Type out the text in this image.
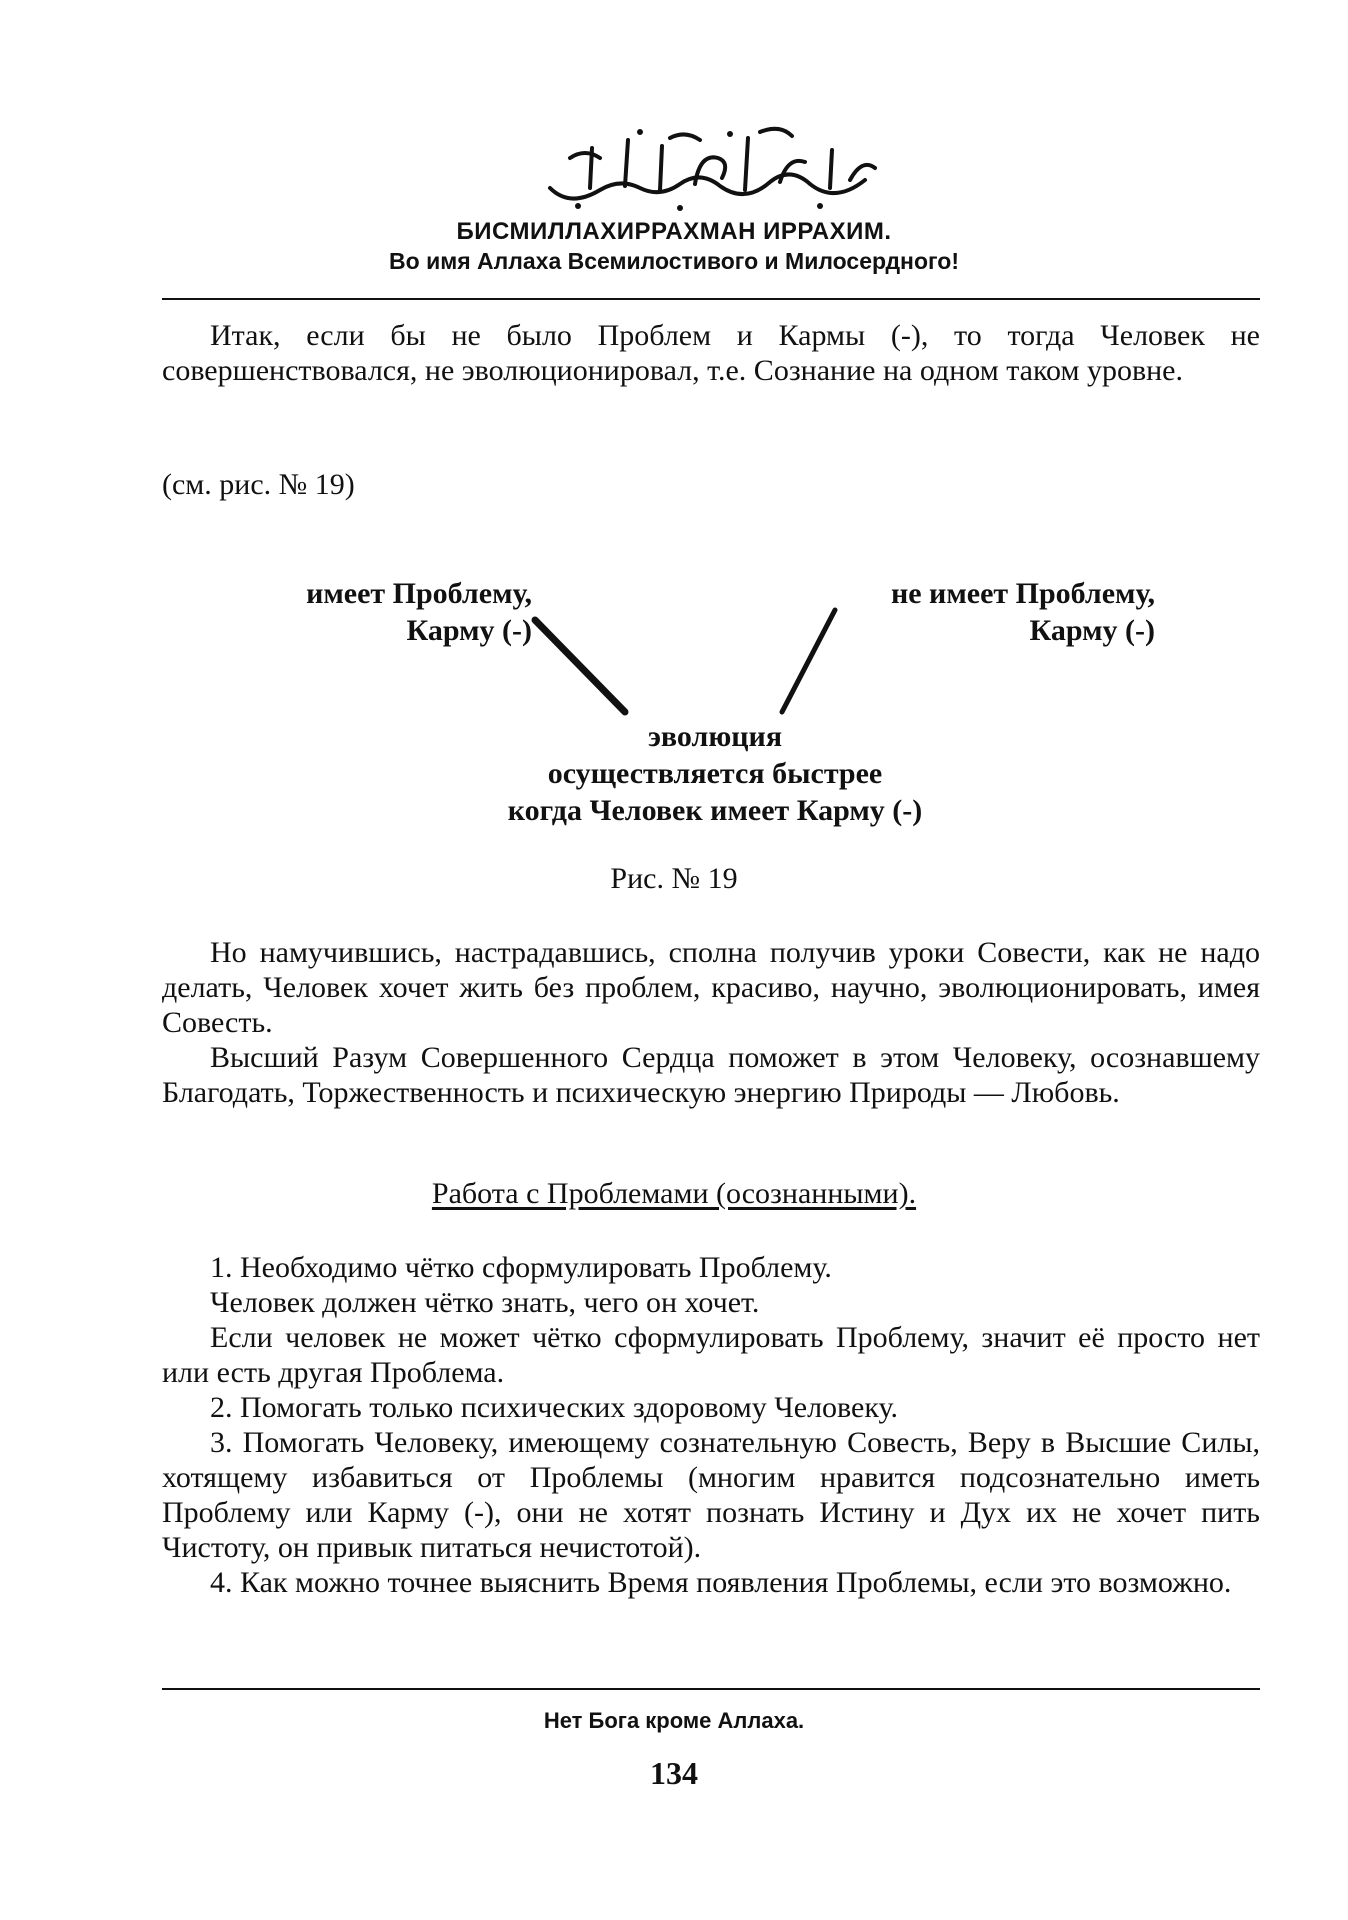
БИСМИЛЛАХИРРАХМАН ИРРАХИМ.
Во имя Аллаха Всемилостивого и Милосердного!

Итак, если бы не было Проблем и Кармы (-), то тогда Человек не совершенствовался, не эволюционировал, т.е. Сознание на одном таком уровне.

(см. рис. № 19)
имеет Проблему,
Карму (-)
не имеет Проблему,
Карму (-)
эволюция
осуществляется быстрее
когда Человек имеет Карму (-)
Рис. № 19

Но намучившись, настрадавшись, сполна получив уроки Совести, как не надо делать, Человек хочет жить без проблем, красиво, научно, эволюционировать, имея Совесть.

Высший Разум Совершенного Сердца поможет в этом Человеку, осознавшему Благодать, Торжественность и психическую энергию Природы — Любовь.

Работа с Проблемами (осознанными).

1. Необходимо чётко сформулировать Проблему.

Человек должен чётко знать, чего он хочет.

Если человек не может чётко сформулировать Проблему, значит её просто нет или есть другая Проблема.

2. Помогать только психических здоровому Человеку.

3. Помогать Человеку, имеющему сознательную Совесть, Веру в Высшие Силы, хотящему избавиться от Проблемы (многим нравится подсознательно иметь Проблему или Карму (-), они не хотят познать Истину и Дух их не хочет пить Чистоту, он привык питаться нечистотой).

4. Как можно точнее выяснить Время появления Проблемы, если это возможно.

Нет Бога кроме Аллаха.
134
